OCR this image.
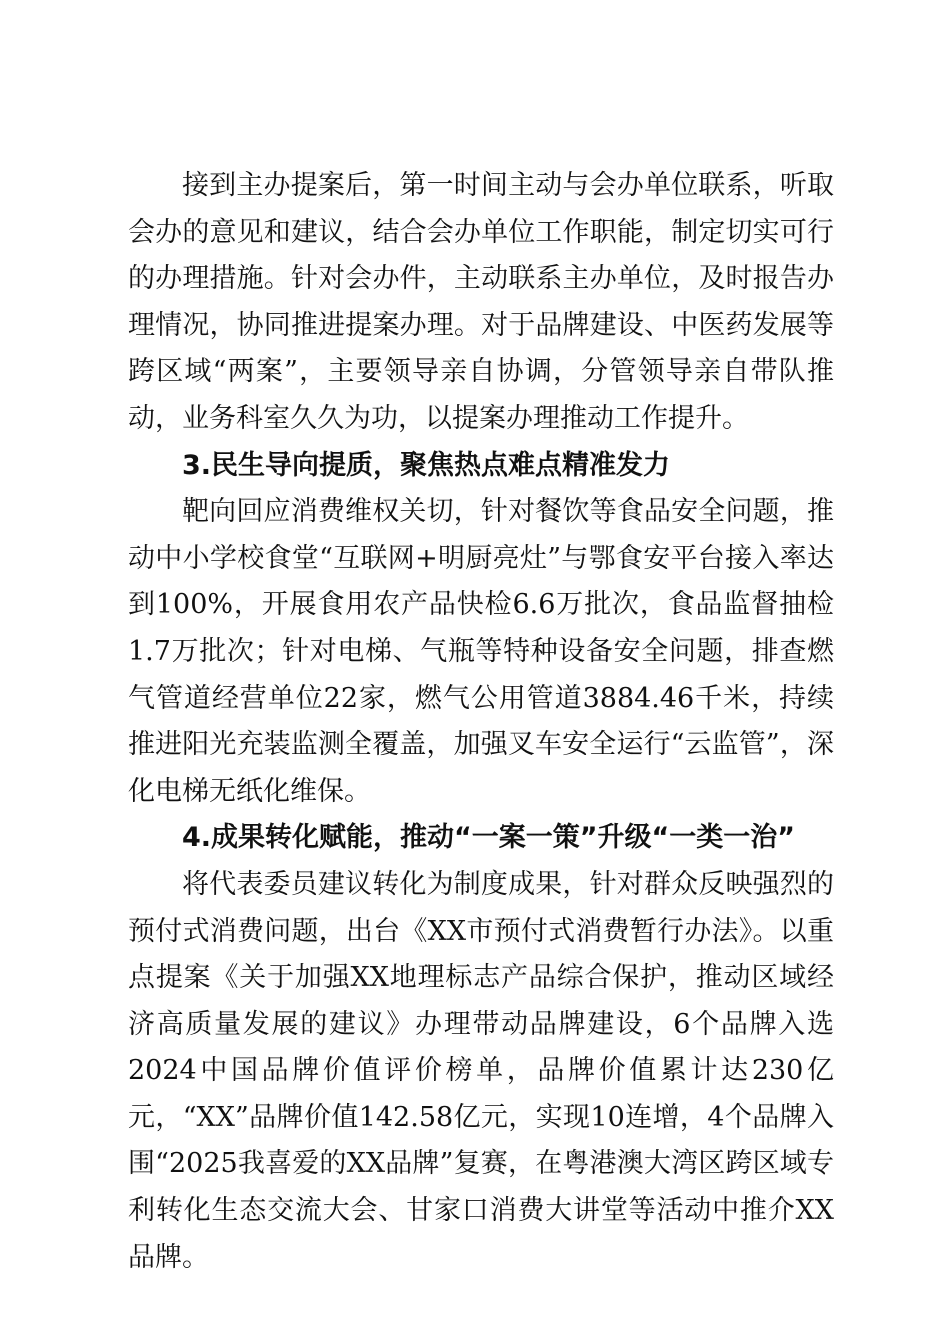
接到主办提案后，第一时间主动与会办单位联系，听取会办的意见和建议，结合会办单位工作职能，制定切实可行的办理措施。针对会办件，主动联系主办单位，及时报告办理情况，协同推进提案办理。对于品牌建设、中医药发展等跨区域“两案”，主要领导亲自协调，分管领导亲自带队推动，业务科室久久为功，以提案办理推动工作提升。

3.民生导向提质，聚焦热点难点精准发力

靶向回应消费维权关切，针对餐饮等食品安全问题，推动中小学校食堂“互联网+明厨亮灶”与鄂食安平台接入率达到100%，开展食用农产品快检6.6万批次，食品监督抽检1.7万批次；针对电梯、气瓶等特种设备安全问题，排查燃气管道经营单位22家，燃气公用管道3884.46千米，持续推进阳光充装监测全覆盖，加强叉车安全运行“云监管”，深化电梯无纸化维保。

4.成果转化赋能，推动“一案一策”升级“一类一治”

将代表委员建议转化为制度成果，针对群众反映强烈的预付式消费问题，出台《XX市预付式消费暂行办法》。以重点提案《关于加强XX地理标志产品综合保护，推动区域经济高质量发展的建议》办理带动品牌建设，6个品牌入选2024中国品牌价值评价榜单，品牌价值累计达230亿元，“XX”品牌价值142.58亿元，实现10连增，4个品牌入围“2025我喜爱的XX品牌”复赛，在粤港澳大湾区跨区域专利转化生态交流大会、甘家口消费大讲堂等活动中推介XX品牌。
